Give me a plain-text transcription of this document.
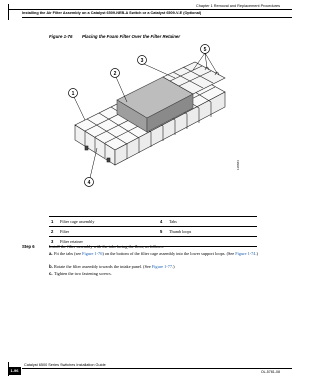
Chapter 1 Removal and Replacement Procedures
Installing the Air Filter Assembly on a Catalyst 6509-NEB-A Switch or a Catalyst 6509-V-E (Optional)
Figure 1-76 Placing the Foam Filter Over the Filter Retainer
1
2
3
4
5
118684
1	Filter cage assembly	4	Tabs
2	Filter	5	Thumb loops
3	Filter retainer		
Step 6	Install the filter assembly with the tabs facing the floor, as follows:
a.Fit the tabs (see Figure 1-76) on the bottom of the filter cage assembly into the lower support loops. (See Figure 1-74.)
b.Rotate the filter assembly towards the intake panel. (See Figure 1-77.)
c.Tighten the two fastening screws.
Catalyst 6500 Series Switches Installation Guide
1-96	OL-5781-08
